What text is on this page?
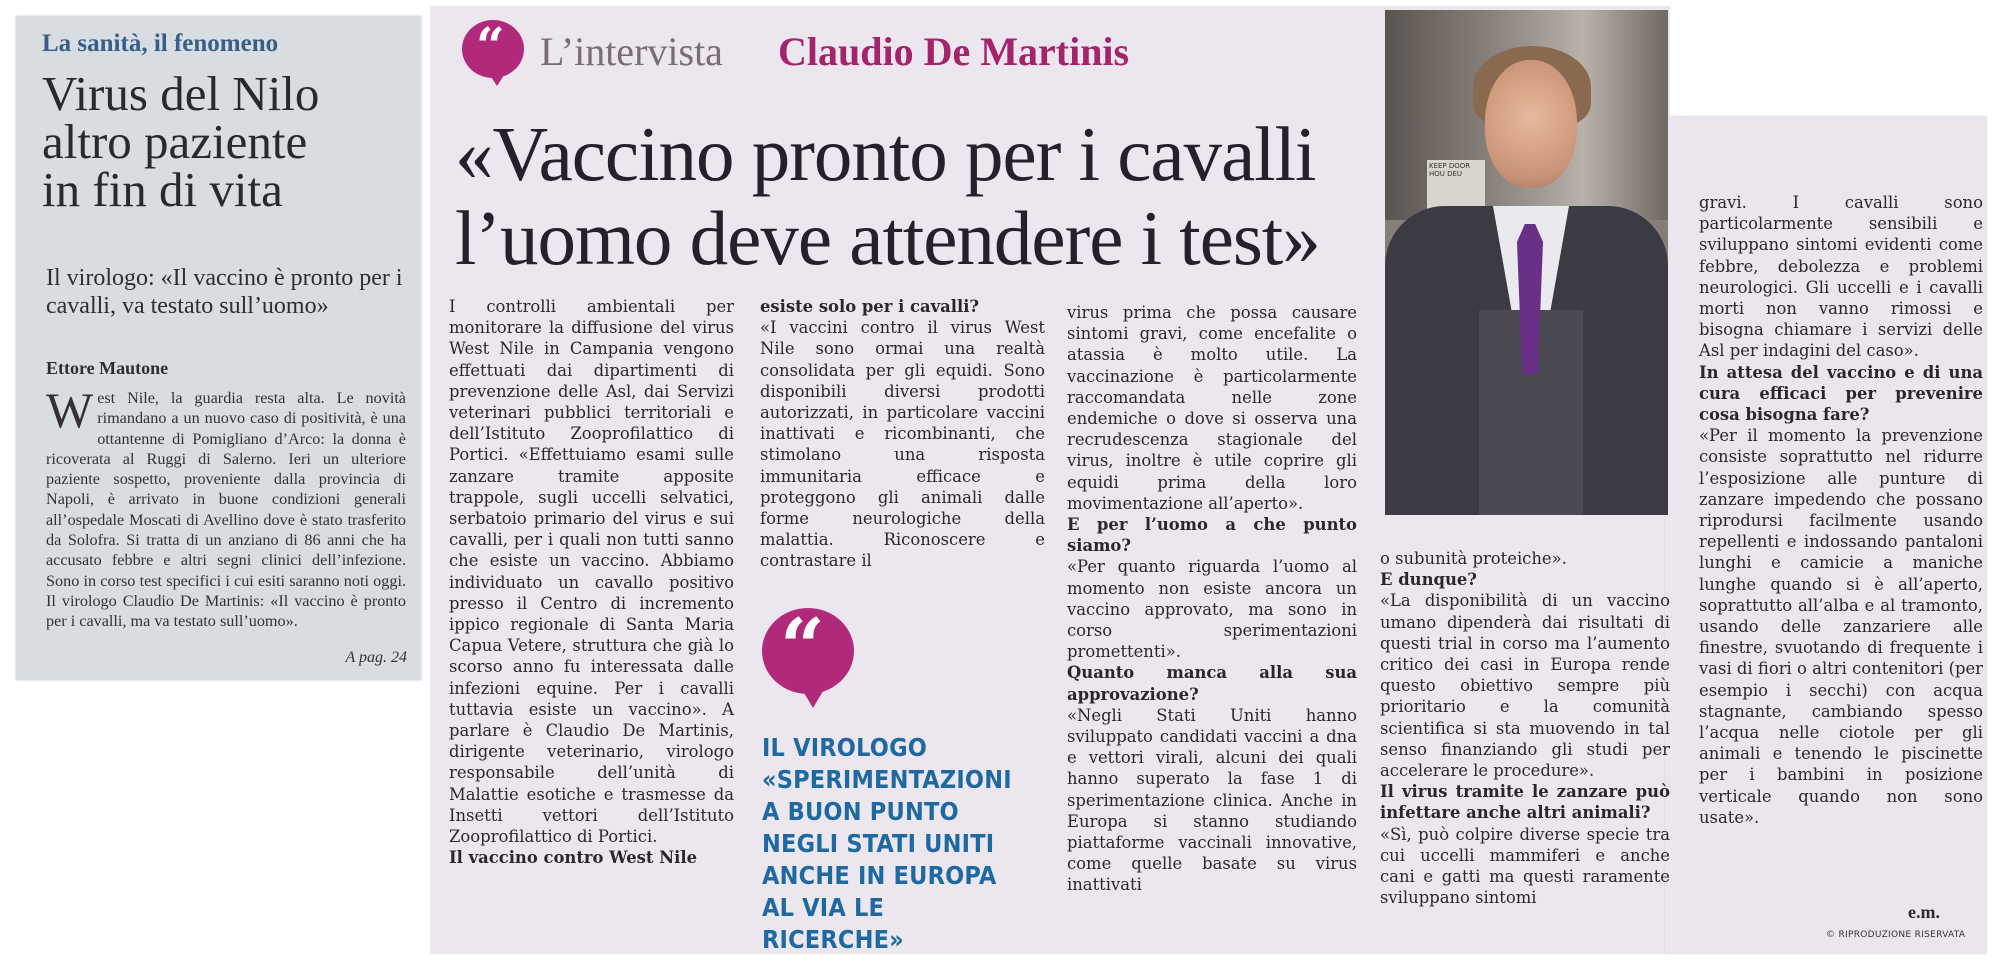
La sanità, il fenomeno
Virus del Nilo
altro paziente
in fin di vita
Il virologo: «Il vaccino è pronto per i cavalli, va testato sull’uomo»
Ettore Mautone
West Nile, la guardia resta alta. Le novità rimandano a un nuovo caso di positività, è una ottantenne di Pomigliano d’Arco: la donna è ricoverata al Ruggi di Salerno. Ieri un ulteriore paziente sospetto, proveniente dalla provincia di Napoli, è arrivato in buone condizioni generali all’ospedale Moscati di Avellino dove è stato trasferito da Solofra. Si tratta di un anziano di 86 anni che ha accusato febbre e altri segni clinici dell’infezione. Sono in corso test specifici i cui esiti saranno noti oggi. Il virologo Claudio De Martinis: «Il vaccino è pronto per i cavalli, ma va testato sull’uomo».
A pag. 24
“ L’intervista Claudio De Martinis
«Vaccino pronto per i cavalli
l’uomo deve attendere i test»
KEEP DOOR HOU DEU

I controlli ambientali per monitorare la diffusione del virus West Nile in Campania vengono effettuati dai dipartimenti di prevenzione delle Asl, dai Servizi veterinari pubblici territoriali e dell’Istituto Zooprofilattico di Portici. «Effettuiamo esami sulle zanzare tramite apposite trappole, sugli uccelli selvatici, serbatoio primario del virus e sui cavalli, per i quali non tutti sanno che esiste un vaccino. Abbiamo individuato un cavallo positivo presso il Centro di incremento ippico regionale di Santa Maria Capua Vetere, struttura che già lo scorso anno fu interessata dalle infezioni equine. Per i cavalli tuttavia esiste un vaccino». A parlare è Claudio De Martinis, dirigente veterinario, virologo responsabile dell’unità di Malattie esotiche e trasmesse da Insetti vettori dell’Istituto Zooprofilattico di Portici.

Il vaccino contro West Nile

esiste solo per i cavalli?

«I vaccini contro il virus West Nile sono ormai una realtà consolidata per gli equidi. Sono disponibili diversi prodotti autorizzati, in particolare vaccini inattivati e ricombinanti, che stimolano una risposta immunitaria efficace e proteggono gli animali dalle forme neurologiche della malattia. Riconoscere e contrastare il

“
IL VIROLOGO «SPERIMENTAZIONI A BUON PUNTO NEGLI STATI UNITI ANCHE IN EUROPA AL VIA LE RICERCHE»

virus prima che possa causare sintomi gravi, come encefalite o atassia è molto utile. La vaccinazione è particolarmente raccomandata nelle zone endemiche o dove si osserva una recrudescenza stagionale del virus, inoltre è utile coprire gli equidi prima della loro movimentazione all’aperto».

E per l’uomo a che punto siamo?

«Per quanto riguarda l’uomo al momento non esiste ancora un vaccino approvato, ma sono in corso sperimentazioni promettenti».

Quanto manca alla sua approvazione?

«Negli Stati Uniti hanno sviluppato candidati vaccini a dna e vettori virali, alcuni dei quali hanno superato la fase 1 di sperimentazione clinica. Anche in Europa si stanno studiando piattaforme vaccinali innovative, come quelle basate su virus inattivati

o subunità proteiche».

E dunque?

«La disponibilità di un vaccino umano dipenderà dai risultati di questi trial in corso ma l’aumento critico dei casi in Europa rende questo obiettivo sempre più prioritario e la comunità scientifica si sta muovendo in tal senso finanziando gli studi per accelerare le procedure».

Il virus tramite le zanzare può infettare anche altri animali?

«Sì, può colpire diverse specie tra cui uccelli mammiferi e anche cani e gatti ma questi raramente sviluppano sintomi

gravi. I cavalli sono particolarmente sensibili e sviluppano sintomi evidenti come febbre, debolezza e problemi neurologici. Gli uccelli e i cavalli morti non vanno rimossi e bisogna chiamare i servizi delle Asl per indagini del caso».

In attesa del vaccino e di una cura efficaci per prevenire cosa bisogna fare?

«Per il momento la prevenzione consiste soprattutto nel ridurre l’esposizione alle punture di zanzare impedendo che possano riprodursi facilmente usando repellenti e indossando pantaloni lunghi e camicie a maniche lunghe quando si è all’aperto, soprattutto all’alba e al tramonto, usando delle zanzariere alle finestre, svuotando di frequente i vasi di fiori o altri contenitori (per esempio i secchi) con acqua stagnante, cambiando spesso l’acqua nelle ciotole per gli animali e tenendo le piscinette per i bambini in posizione verticale quando non sono usate».

e.m.
© RIPRODUZIONE RISERVATA
